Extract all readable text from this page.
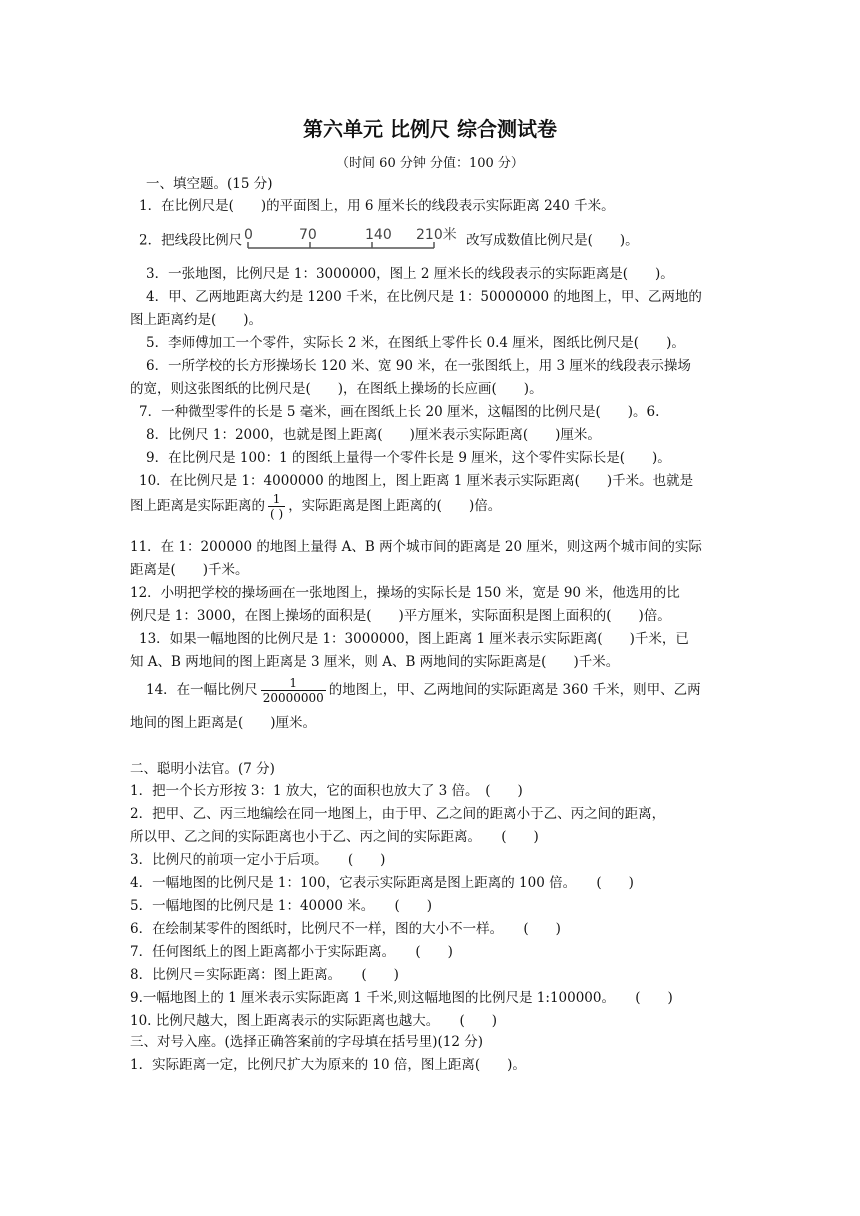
第六单元 比例尺 综合测试卷
（时间 60 分钟 分值：100 分）
一、填空题。(15 分)
1．在比例尺是(　　)的平面图上，用 6 厘米长的线段表示实际距离 240 千米。
2．把线段比例尺 0	70	140 210米 改写成数值比例尺是(　　)。
3．一张地图，比例尺是 1：3000000，图上 2 厘米长的线段表示的实际距离是(　　)。
4．甲、乙两地距离大约是 1200 千米，在比例尺是 1：50000000 的地图上，甲、乙两地的
图上距离约是(　　)。
5．李师傅加工一个零件，实际长 2 米，在图纸上零件长 0.4 厘米，图纸比例尺是(　　)。
6．一所学校的长方形操场长 120 米、宽 90 米，在一张图纸上，用 3 厘米的线段表示操场
的宽，则这张图纸的比例尺是(　　)，在图纸上操场的长应画(　　)。
7．一种微型零件的长是 5 毫米，画在图纸上长 20 厘米，这幅图的比例尺是(　　)。6.
8．比例尺 1：2000，也就是图上距离(　　)厘米表示实际距离(　　)厘米。
9．在比例尺是 100：1 的图纸上量得一个零件长是 9 厘米，这个零件实际长是(　　)。
10．在比例尺是 1：4000000 的地图上，图上距离 1 厘米表示实际距离(　　)千米。也就是
图上距离是实际距离的 $\frac{1}{( )}$ ，实际距离是图上距离的(　　)倍。
11．在 1：200000 的地图上量得 A、B 两个城市间的距离是 20 厘米，则这两个城市间的实际
距离是(　　)千米。
12．小明把学校的操场画在一张地图上，操场的实际长是 150 米，宽是 90 米，他选用的比
例尺是 1：3000，在图上操场的面积是(　　)平方厘米，实际面积是图上面积的(　　)倍。
13．如果一幅地图的比例尺是 1：3000000，图上距离 1 厘米表示实际距离(　　)千米，已
知 A、B 两地间的图上距离是 3 厘米，则 A、B 两地间的实际距离是(　　)千米。
14．在一幅比例尺 $\frac{1}{20000000}$ 的地图上，甲、乙两地间的实际距离是 360 千米，则甲、乙两
地间的图上距离是(　　)厘米。
二、聪明小法官。(7 分)
1．把一个长方形按 3：1 放大，它的面积也放大了 3 倍。　(　　)
2．把甲、乙、丙三地编绘在同一地图上，由于甲、乙之间的距离小于乙、丙之间的距离，
所以甲、乙之间的实际距离也小于乙、丙之间的实际距离。　　(　　)
3．比例尺的前项一定小于后项。　　(　　)
4．一幅地图的比例尺是 1：100，它表示实际距离是图上距离的 100 倍。　　(　　)
5．一幅地图的比例尺是 1：40000 米。　　(　　)
6．在绘制某零件的图纸时，比例尺不一样，图的大小不一样。　　(　　)
7．任何图纸上的图上距离都小于实际距离。　　(　　)
8．比例尺＝实际距离：图上距离。　　(　　)
9.一幅地图上的 1 厘米表示实际距离 1 千米,则这幅地图的比例尺是 1:100000。　　(　　)
10. 比例尺越大，图上距离表示的实际距离也越大。　　(　　)
三、对号入座。(选择正确答案前的字母填在括号里)(12 分)
1．实际距离一定，比例尺扩大为原来的 10 倍，图上距离(　　)。
